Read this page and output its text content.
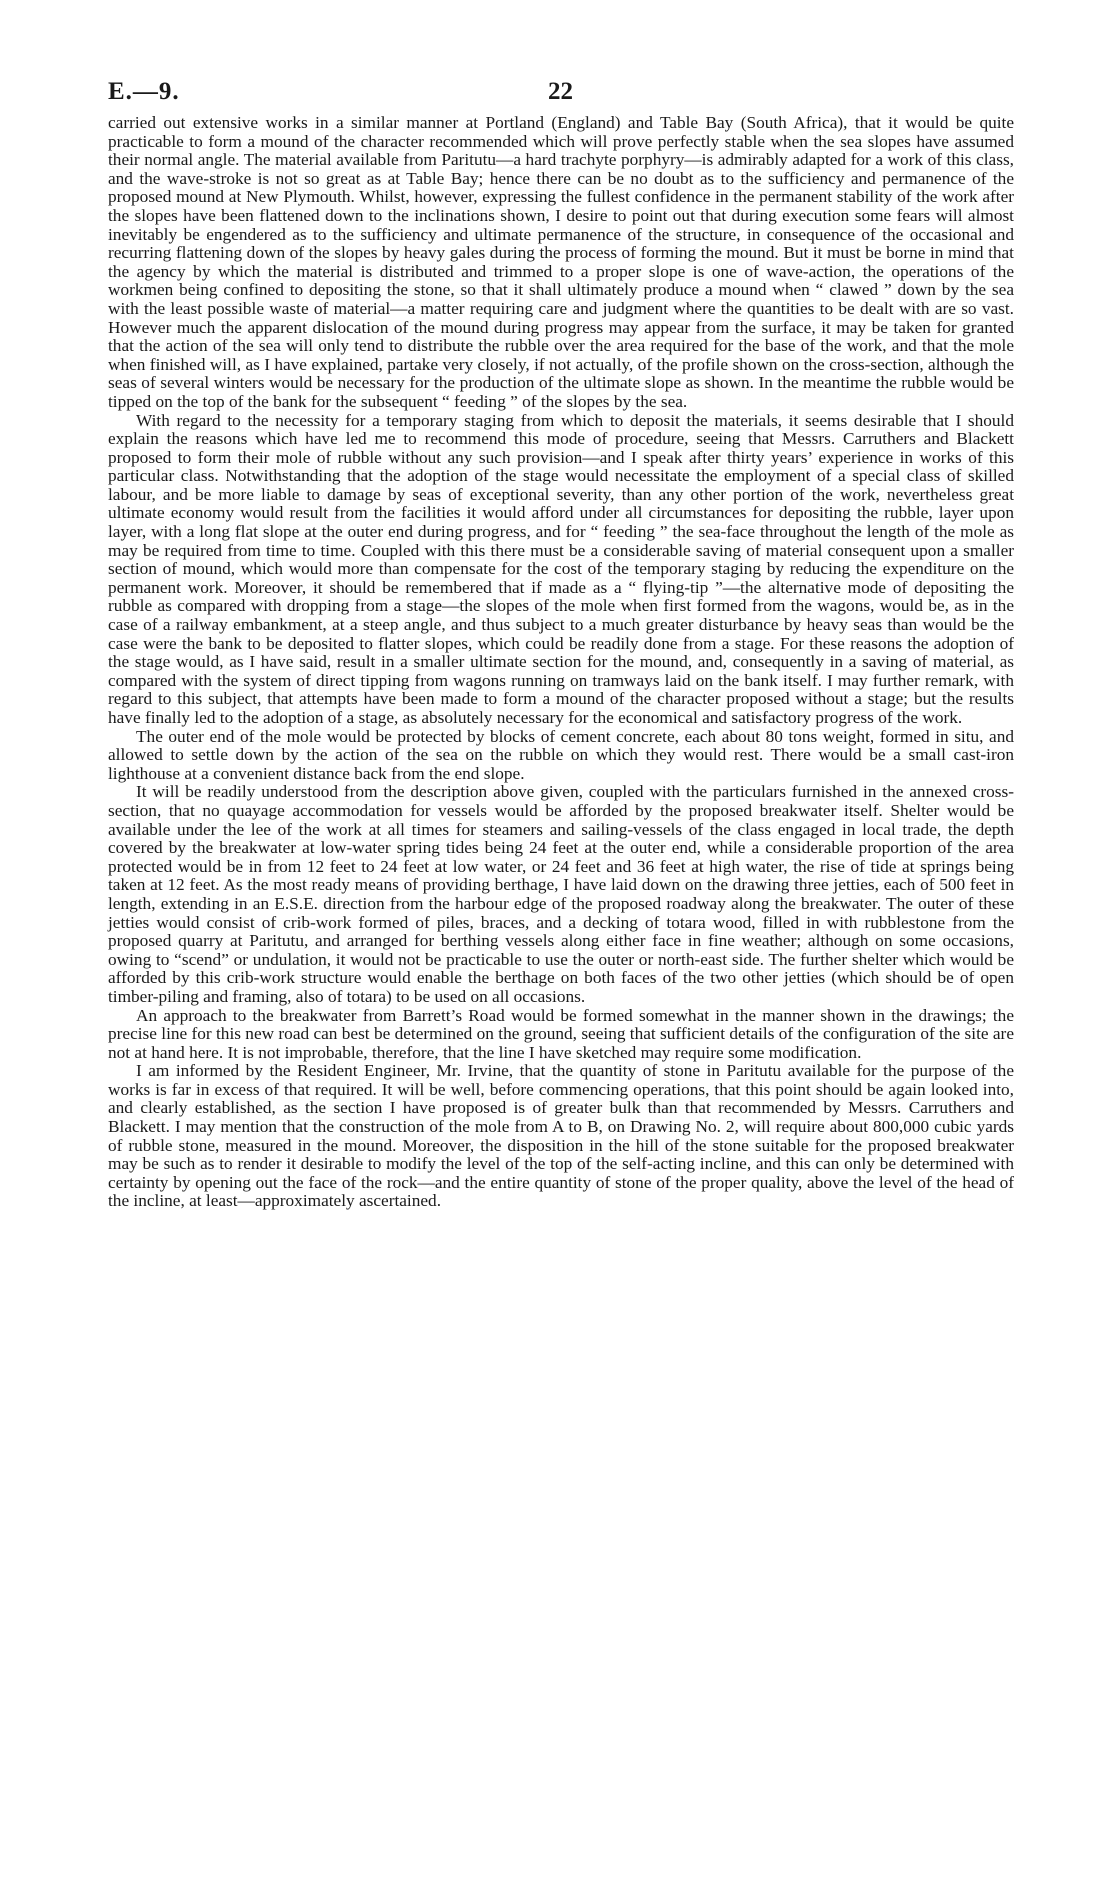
E.—9.	22

carried out extensive works in a similar manner at Portland (England) and Table Bay (South Africa), that it would be quite practicable to form a mound of the character recommended which will prove perfectly stable when the sea slopes have assumed their normal angle. The material available from Paritutu—a hard trachyte porphyry—is admirably adapted for a work of this class, and the wave-stroke is not so great as at Table Bay; hence there can be no doubt as to the sufficiency and permanence of the proposed mound at New Plymouth. Whilst, however, expressing the fullest confidence in the permanent stability of the work after the slopes have been flattened down to the inclinations shown, I desire to point out that during execution some fears will almost inevitably be engendered as to the sufficiency and ultimate permanence of the structure, in consequence of the occasional and recurring flattening down of the slopes by heavy gales during the process of forming the mound. But it must be borne in mind that the agency by which the material is distributed and trimmed to a proper slope is one of wave-action, the operations of the workmen being confined to depositing the stone, so that it shall ultimately produce a mound when “ clawed ” down by the sea with the least possible waste of material—a matter requiring care and judgment where the quantities to be dealt with are so vast. However much the apparent dislocation of the mound during progress may appear from the surface, it may be taken for granted that the action of the sea will only tend to distribute the rubble over the area required for the base of the work, and that the mole when finished will, as I have explained, partake very closely, if not actually, of the profile shown on the cross-section, although the seas of several winters would be necessary for the production of the ultimate slope as shown. In the meantime the rubble would be tipped on the top of the bank for the subsequent “ feeding ” of the slopes by the sea.

With regard to the necessity for a temporary staging from which to deposit the materials, it seems desirable that I should explain the reasons which have led me to recommend this mode of procedure, seeing that Messrs. Carruthers and Blackett proposed to form their mole of rubble without any such provision—and I speak after thirty years’ experience in works of this particular class. Notwithstanding that the adoption of the stage would necessitate the employment of a special class of skilled labour, and be more liable to damage by seas of exceptional severity, than any other portion of the work, nevertheless great ultimate economy would result from the facilities it would afford under all circumstances for depositing the rubble, layer upon layer, with a long flat slope at the outer end during progress, and for “ feeding ” the sea-face throughout the length of the mole as may be required from time to time. Coupled with this there must be a considerable saving of material consequent upon a smaller section of mound, which would more than compensate for the cost of the temporary staging by reducing the expenditure on the permanent work. Moreover, it should be remembered that if made as a “ flying-tip ”—the alternative mode of depositing the rubble as compared with dropping from a stage—the slopes of the mole when first formed from the wagons, would be, as in the case of a railway embankment, at a steep angle, and thus subject to a much greater disturbance by heavy seas than would be the case were the bank to be deposited to flatter slopes, which could be readily done from a stage. For these reasons the adoption of the stage would, as I have said, result in a smaller ultimate section for the mound, and, consequently in a saving of material, as compared with the system of direct tipping from wagons running on tramways laid on the bank itself. I may further remark, with regard to this subject, that attempts have been made to form a mound of the character proposed without a stage; but the results have finally led to the adoption of a stage, as absolutely necessary for the economical and satisfactory progress of the work.

The outer end of the mole would be protected by blocks of cement concrete, each about 80 tons weight, formed in situ, and allowed to settle down by the action of the sea on the rubble on which they would rest. There would be a small cast-iron lighthouse at a convenient distance back from the end slope.

It will be readily understood from the description above given, coupled with the particulars furnished in the annexed cross-section, that no quayage accommodation for vessels would be afforded by the proposed breakwater itself. Shelter would be available under the lee of the work at all times for steamers and sailing-vessels of the class engaged in local trade, the depth covered by the breakwater at low-water spring tides being 24 feet at the outer end, while a considerable proportion of the area protected would be in from 12 feet to 24 feet at low water, or 24 feet and 36 feet at high water, the rise of tide at springs being taken at 12 feet. As the most ready means of providing berthage, I have laid down on the drawing three jetties, each of 500 feet in length, extending in an E.S.E. direction from the harbour edge of the proposed roadway along the breakwater. The outer of these jetties would consist of crib-work formed of piles, braces, and a decking of totara wood, filled in with rubblestone from the proposed quarry at Paritutu, and arranged for berthing vessels along either face in fine weather; although on some occasions, owing to “scend” or undulation, it would not be practicable to use the outer or north-east side. The further shelter which would be afforded by this crib-work structure would enable the berthage on both faces of the two other jetties (which should be of open timber-piling and framing, also of totara) to be used on all occasions.

An approach to the breakwater from Barrett’s Road would be formed somewhat in the manner shown in the drawings; the precise line for this new road can best be determined on the ground, seeing that sufficient details of the configuration of the site are not at hand here. It is not improbable, therefore, that the line I have sketched may require some modification.

I am informed by the Resident Engineer, Mr. Irvine, that the quantity of stone in Paritutu available for the purpose of the works is far in excess of that required. It will be well, before commencing operations, that this point should be again looked into, and clearly established, as the section I have proposed is of greater bulk than that recommended by Messrs. Carruthers and Blackett. I may mention that the construction of the mole from A to B, on Drawing No. 2, will require about 800,000 cubic yards of rubble stone, measured in the mound. Moreover, the disposition in the hill of the stone suitable for the proposed breakwater may be such as to render it desirable to modify the level of the top of the self-acting incline, and this can only be determined with certainty by opening out the face of the rock—and the entire quantity of stone of the proper quality, above the level of the head of the incline, at least—approximately ascertained.
